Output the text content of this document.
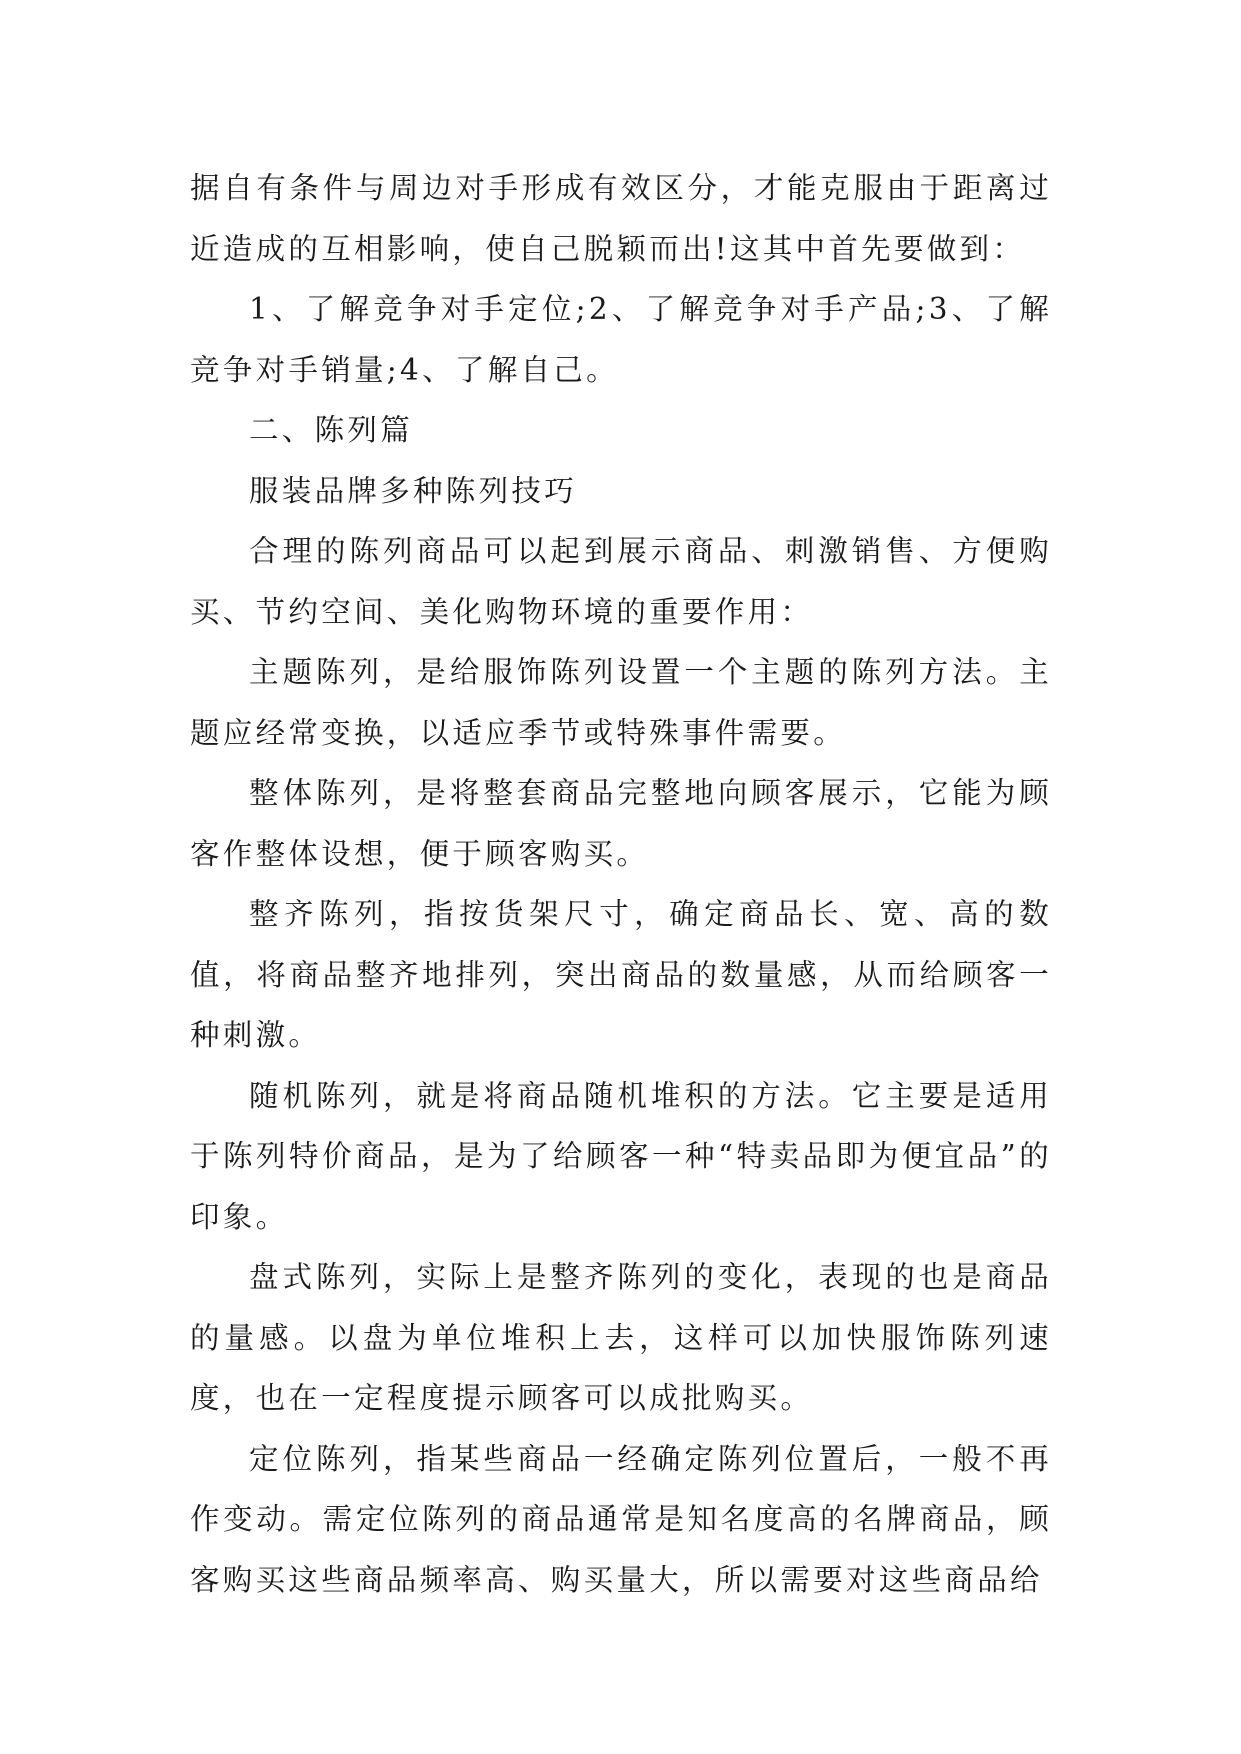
据自有条件与周边对手形成有效区分，才能克服由于距离过近造成的互相影响，使自己脱颖而出!这其中首先要做到：

1、了解竞争对手定位;2、了解竞争对手产品;3、了解竞争对手销量;4、了解自己。

二、陈列篇

服装品牌多种陈列技巧

合理的陈列商品可以起到展示商品、刺激销售、方便购买、节约空间、美化购物环境的重要作用：

主题陈列，是给服饰陈列设置一个主题的陈列方法。主题应经常变换，以适应季节或特殊事件需要。

整体陈列，是将整套商品完整地向顾客展示，它能为顾客作整体设想，便于顾客购买。

整齐陈列，指按货架尺寸，确定商品长、宽、高的数值，将商品整齐地排列，突出商品的数量感，从而给顾客一种刺激。

随机陈列，就是将商品随机堆积的方法。它主要是适用于陈列特价商品，是为了给顾客一种“特卖品即为便宜品”的印象。

盘式陈列，实际上是整齐陈列的变化，表现的也是商品的量感。以盘为单位堆积上去，这样可以加快服饰陈列速度，也在一定程度提示顾客可以成批购买。

定位陈列，指某些商品一经确定陈列位置后，一般不再作变动。需定位陈列的商品通常是知名度高的名牌商品，顾客购买这些商品频率高、购买量大，所以需要对这些商品给
